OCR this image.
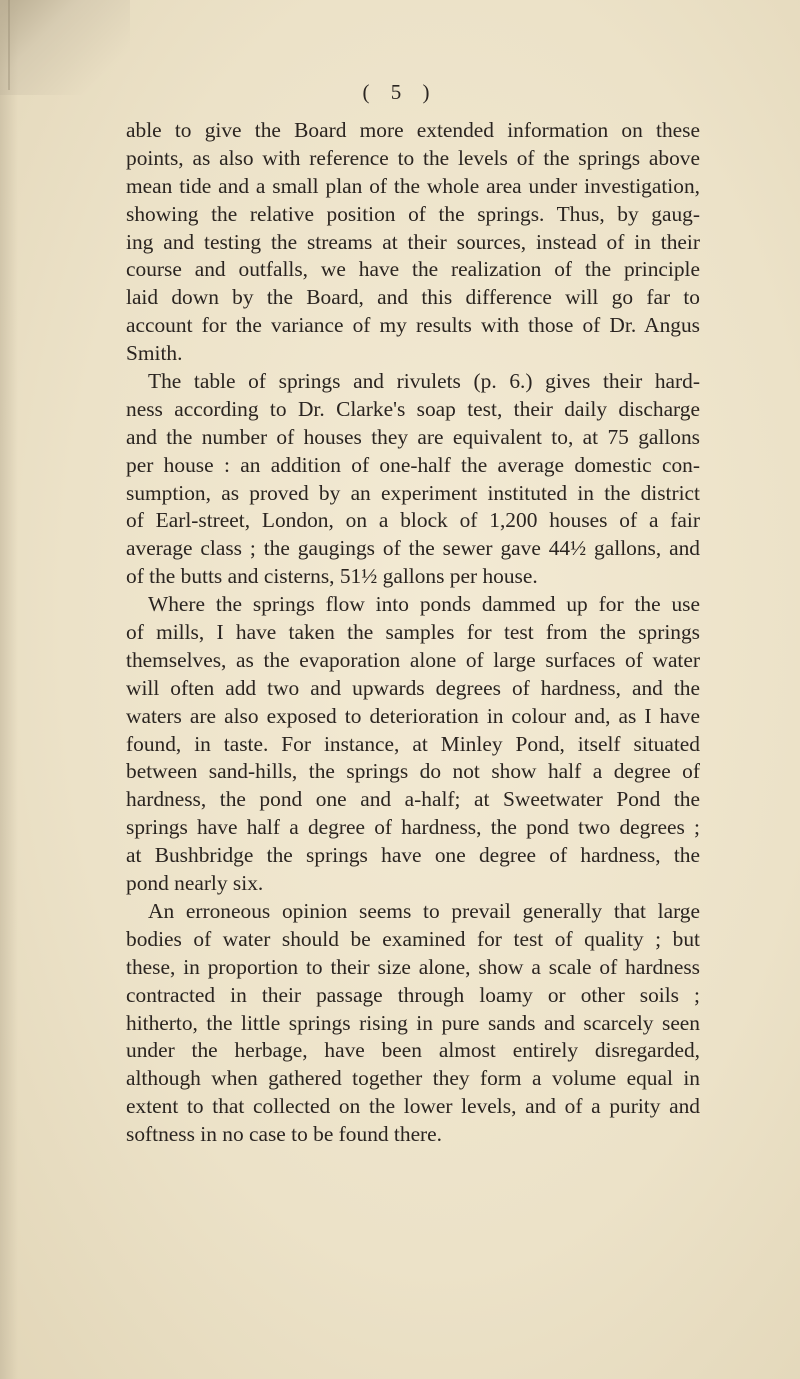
( 5 )
able to give the Board more extended information on these
points, as also with reference to the levels of the springs above
mean tide and a small plan of the whole area under investigation,
showing the relative position of the springs. Thus, by gaug-
ing and testing the streams at their sources, instead of in their
course and outfalls, we have the realization of the principle
laid down by the Board, and this difference will go far to
account for the variance of my results with those of Dr. Angus
Smith.
The table of springs and rivulets (p. 6.) gives their hard-
ness according to Dr. Clarke's soap test, their daily discharge
and the number of houses they are equivalent to, at 75 gallons
per house : an addition of one-half the average domestic con-
sumption, as proved by an experiment instituted in the district
of Earl-street, London, on a block of 1,200 houses of a fair
average class ; the gaugings of the sewer gave 44½ gallons, and
of the butts and cisterns, 51½ gallons per house.
Where the springs flow into ponds dammed up for the use
of mills, I have taken the samples for test from the springs
themselves, as the evaporation alone of large surfaces of water
will often add two and upwards degrees of hardness, and the
waters are also exposed to deterioration in colour and, as I have
found, in taste. For instance, at Minley Pond, itself situated
between sand-hills, the springs do not show half a degree of
hardness, the pond one and a-half; at Sweetwater Pond the
springs have half a degree of hardness, the pond two degrees ;
at Bushbridge the springs have one degree of hardness, the
pond nearly six.
An erroneous opinion seems to prevail generally that large
bodies of water should be examined for test of quality ; but
these, in proportion to their size alone, show a scale of hardness
contracted in their passage through loamy or other soils ;
hitherto, the little springs rising in pure sands and scarcely seen
under the herbage, have been almost entirely disregarded,
although when gathered together they form a volume equal in
extent to that collected on the lower levels, and of a purity and
softness in no case to be found there.
